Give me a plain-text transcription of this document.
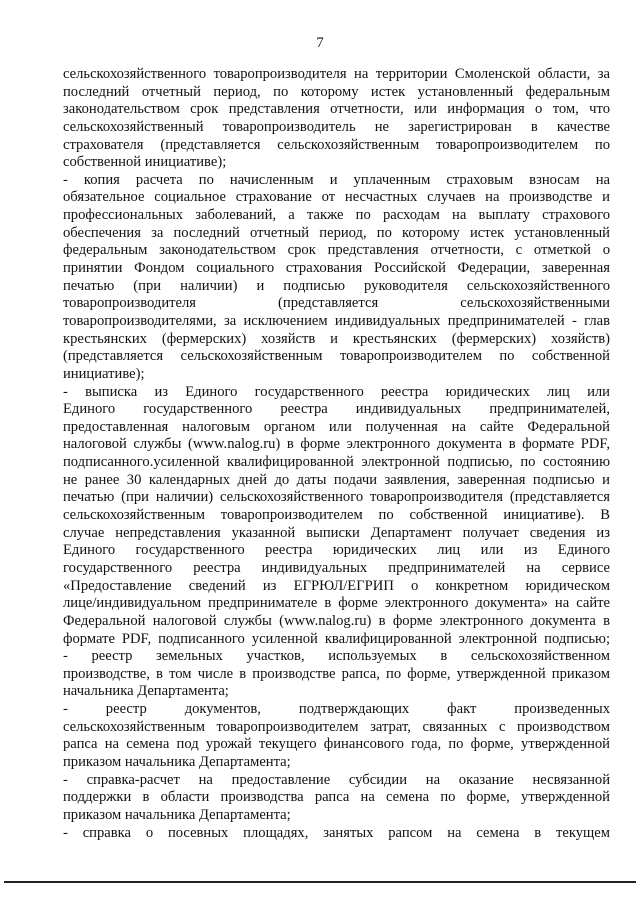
7
сельскохозяйственного товаропроизводителя на территории Смоленской области, за
последний отчетный период, по которому истек установленный федеральным
законодательством срок представления отчетности, или информация о том, что
сельскохозяйственный товаропроизводитель не зарегистрирован в качестве
страхователя (представляется сельскохозяйственным товаропроизводителем по
собственной инициативе);
- копия расчета по начисленным и уплаченным страховым взносам на
обязательное социальное страхование от несчастных случаев на производстве и
профессиональных заболеваний, а также по расходам на выплату страхового
обеспечения за последний отчетный период, по которому истек установленный
федеральным законодательством срок представления отчетности, с отметкой о
принятии Фондом социального страхования Российской Федерации, заверенная
печатью (при наличии) и подписью руководителя сельскохозяйственного
товаропроизводителя (представляется сельскохозяйственными
товаропроизводителями, за исключением индивидуальных предпринимателей - глав
крестьянских (фермерских) хозяйств и крестьянских (фермерских) хозяйств)
(представляется сельскохозяйственным товаропроизводителем по собственной
инициативе);
- выписка из Единого государственного реестра юридических лиц или
Единого государственного реестра индивидуальных предпринимателей,
предоставленная налоговым органом или полученная на сайте Федеральной
налоговой службы (www.nalog.ru) в форме электронного документа в формате PDF,
подписанного.усиленной квалифицированной электронной подписью, по состоянию
не ранее 30 календарных дней до даты подачи заявления, заверенная подписью и
печатью (при наличии) сельскохозяйственного товаропроизводителя (представляется
сельскохозяйственным товаропроизводителем по собственной инициативе). В
случае непредставления указанной выписки Департамент получает сведения из
Единого государственного реестра юридических лиц или из Единого
государственного реестра индивидуальных предпринимателей на сервисе
«Предоставление сведений из ЕГРЮЛ/ЕГРИП о конкретном юридическом
лице/индивидуальном предпринимателе в форме электронного документа» на сайте
Федеральной налоговой службы (www.nalog.ru) в форме электронного документа в
формате PDF, подписанного усиленной квалифицированной электронной подписью;
- реестр земельных участков, используемых в сельскохозяйственном
производстве, в том числе в производстве рапса, по форме, утвержденной приказом
начальника Департамента;
- реестр документов, подтверждающих факт произведенных
сельскохозяйственным товаропроизводителем затрат, связанных с производством
рапса на семена под урожай текущего финансового года, по форме, утвержденной
приказом начальника Департамента;
- справка-расчет на предоставление субсидии на оказание несвязанной
поддержки в области производства рапса на семена по форме, утвержденной
приказом начальника Департамента;
- справка о посевных площадях, занятых рапсом на семена в текущем
